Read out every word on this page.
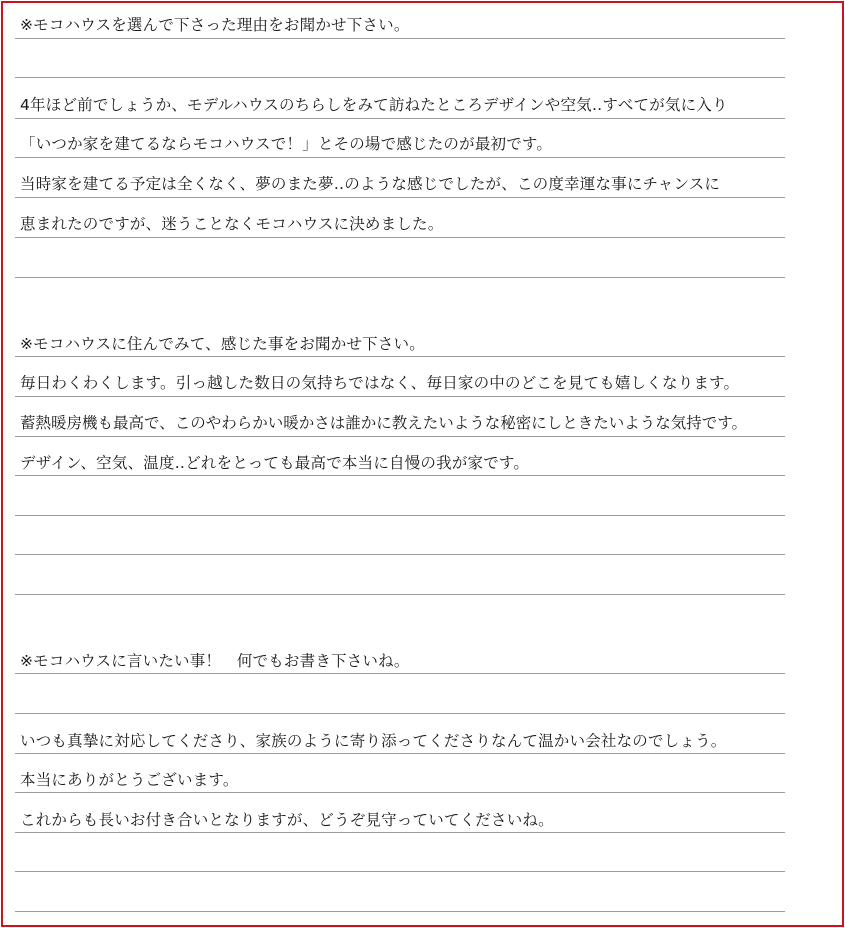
※モコハウスを選んで下さった理由をお聞かせ下さい。
4年ほど前でしょうか、モデルハウスのちらしをみて訪ねたところデザインや空気‥すべてが気に入り
「いつか家を建てるならモコハウスで！」とその場で感じたのが最初です。
当時家を建てる予定は全くなく、夢のまた夢‥のような感じでしたが、この度幸運な事にチャンスに
恵まれたのですが、迷うことなくモコハウスに決めました。
※モコハウスに住んでみて、感じた事をお聞かせ下さい。
毎日わくわくします。引っ越した数日の気持ちではなく、毎日家の中のどこを見ても嬉しくなります。
蓄熱暖房機も最高で、このやわらかい暖かさは誰かに教えたいような秘密にしときたいような気持です。
デザイン、空気、温度‥どれをとっても最高で本当に自慢の我が家です。
※モコハウスに言いたい事！　何でもお書き下さいね。
いつも真摯に対応してくださり、家族のように寄り添ってくださりなんて温かい会社なのでしょう。
本当にありがとうございます。
これからも長いお付き合いとなりますが、どうぞ見守っていてくださいね。
